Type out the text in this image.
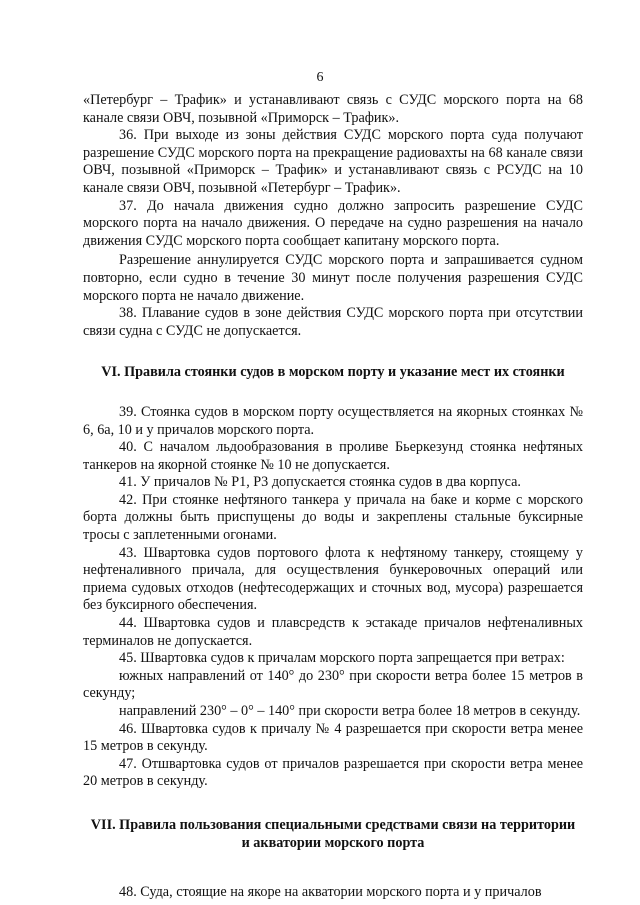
6

«Петербург – Трафик» и устанавливают связь с СУДС морского порта на 68 канале связи ОВЧ, позывной «Приморск – Трафик».

36. При выходе из зоны действия СУДС морского порта суда получают разрешение СУДС морского порта на прекращение радиовахты на 68 канале связи ОВЧ, позывной «Приморск – Трафик» и устанавливают связь с РСУДС на 10 канале связи ОВЧ, позывной «Петербург – Трафик».

37. До начала движения судно должно запросить разрешение СУДС морского порта на начало движения. О передаче на судно разрешения на начало движения СУДС морского порта сообщает капитану морского порта.

Разрешение аннулируется СУДС морского порта и запрашивается судном повторно, если судно в течение 30 минут после получения разрешения СУДС морского порта не начало движение.

38. Плавание судов в зоне действия СУДС морского порта при отсутствии связи судна с СУДС не допускается.

VI. Правила стоянки судов в морском порту и указание мест их стоянки

39. Стоянка судов в морском порту осуществляется на якорных стоянках № 6, 6а, 10 и у причалов морского порта.

40. С началом льдообразования в проливе Бьеркезунд стоянка нефтяных танкеров на якорной стоянке № 10 не допускается.

41. У причалов № Р1, Р3 допускается стоянка судов в два корпуса.

42. При стоянке нефтяного танкера у причала на баке и корме с морского борта должны быть приспущены до воды и закреплены стальные буксирные тросы с заплетенными огонами.

43. Швартовка судов портового флота к нефтяному танкеру, стоящему у нефтеналивного причала, для осуществления бункеровочных операций или приема судовых отходов (нефтесодержащих и сточных вод, мусора) разрешается без буксирного обеспечения.

44. Швартовка судов и плавсредств к эстакаде причалов нефтеналивных терминалов не допускается.

45. Швартовка судов к причалам морского порта запрещается при ветрах:

южных направлений от 140° до 230° при скорости ветра более 15 метров в секунду;

направлений 230° – 0° – 140° при скорости ветра более 18 метров в секунду.

46. Швартовка судов к причалу № 4 разрешается при скорости ветра менее 15 метров в секунду.

47. Отшвартовка судов от причалов разрешается при скорости ветра менее 20 метров в секунду.

VII. Правила пользования специальными средствами связи на территории
и акватории морского порта

48. Суда, стоящие на якоре на акватории морского порта и у причалов
